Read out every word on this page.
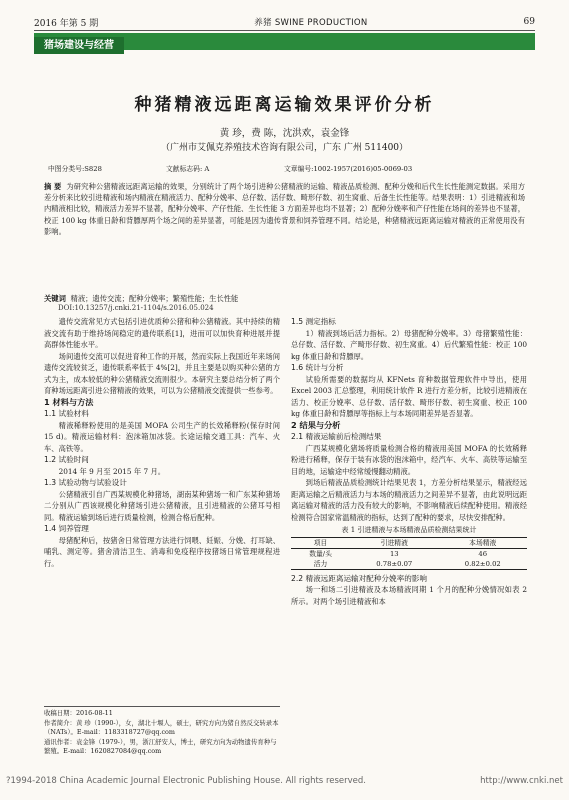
2016 年第 5 期	养猪 SWINE PRODUCTION	69
猪场建设与经营
种猪精液远距离运输效果评价分析
黄 珍，费 陈，沈洪欢，袁金锋
（广州市艾佩克养殖技术咨询有限公司，广东 广州 511400）
中图分类号:S828	文献标志码: A	文章编号:1002-1957(2016)05-0069-03
摘 要 为研究种公猪精液远距离运输的效果，分别统计了两个场引进种公猪精液的运输、精液品质检测、配种分娩和后代生长性能测定数据。采用方差分析来比较引进精液和场内精液在精液活力、配种分娩率、总仔数、活仔数、畸形仔数、初生窝重、后备生长性能等。结果表明：1）引进精液和场内精液相比较，精液活力差异不显著，配种分娩率、产仔性能、生长性能 3 方面差异也均不显著；2）配种分娩率和产仔性能在场间的差异也不显著，校正 100 kg 体重日龄和背膘厚两个场之间的差异显著，可能是因为遗传背景和饲养管理不同。结论是，种猪精液远距离运输对精液的正常使用没有影响。
关键词 精液；遗传交流；配种分娩率；繁殖性能；生长性能
DOI:10.13257/j.cnki.21-1104/s.2016.05.024

遗传交流常见方式包括引进优质种公猪和种公猪精液。其中持续的精液交流有助于维持场间稳定的遗传联系[1]，进而可以加快育种进展并提高群体性能水平。

场间遗传交流可以促进育种工作的开展，然而实际上我国近年来场间遗传交流较贫乏，遗传联系率低于 4%[2]，并且主要是以购买种公猪的方式为主，成本较低的种公猪精液交流则很少。本研究主要总结分析了两个育种场远距离引进公猪精液的效果，可以为公猪精液交流提供一些参考。

1 材料与方法

1.1 试验材料

精液稀释粉使用的是美国 MOFA 公司生产的长效稀释粉(保存时间 15 d)。精液运输材料：泡沫箱加冰袋。长途运输交通工具：汽车、火车、高铁等。

1.2 试验时间

2014 年 9 月至 2015 年 7 月。

1.3 试验动物与试验设计

公猪精液引自广西某规模化种猪场，湖南某种猪场一和广东某种猪场二分别从广西该规模化种猪场引进公猪精液，且引进精液的公猪耳号相同。精液运输到场后进行质量检测，检测合格后配种。

1.4 饲养管理

母猪配种后，按猪舍日常管理方法进行饲喂、妊娠、分娩、打耳缺、哺乳、测定等。猪舍清洁卫生、消毒和免疫程序按猪场日常管理规程进行。

收稿日期：2016-08-11
作者简介：黄 珍（1990-），女，湖北十堰人，硕士，研究方向为猪自然反交转录本（NATs）。E-mail：1183318727@qq.com
通讯作者：袁金锋（1979-），男，浙江舒安人，博士，研究方向为动物遗传育种与繁殖。E-mail：1620827084@qq.com

1.5 测定指标

1）精液到场后活力指标。2）母猪配种分娩率。3）母猪繁殖性能：总仔数、活仔数、产畸形仔数、初生窝重。4）后代繁殖性能：校正 100 kg 体重日龄和背膘厚。

1.6 统计与分析

试验所需要的数据均从 KFNets 育种数据管理软件中导出，使用 Excel 2003 汇总整理，利用统计软件 R 进行方差分析，比较引进精液在活力、校正分娩率、总仔数、活仔数、畸形仔数、初生窝重、校正 100 kg 体重日龄和背膘厚等指标上与本场同期差异是否显著。

2 结果与分析

2.1 精液运输前后检测结果

广西某规模化猪场将质量检测合格的精液用美国 MOFA 的长效稀释粉进行稀释，保存于装有冰袋的泡沫箱中，经汽车、火车、高铁等运输至目的地，运输途中经常缓慢翻动精液。

到场后精液品质检测统计结果见表 1，方差分析结果显示，精液经远距离运输之后精液活力与本场的精液活力之间差异不显著，由此说明远距离运输对精液的活力没有较大的影响，不影响精液后续配种使用。精液经检测符合国家常温精液的指标，达到了配种的要求，尽快安排配种。

表 1 引进精液与本场精液品质检测结果统计
项目	引进精液	本场精液
数量/头	13	46
活力	0.78±0.07	0.82±0.02

2.2 精液远距离运输对配种分娩率的影响

场一和场二引进精液及本场精液同期 1 个月的配种分娩情况如表 2 所示。对两个场引进精液和本

?1994-2018 China Academic Journal Electronic Publishing House. All rights reserved.	http://www.cnki.net
